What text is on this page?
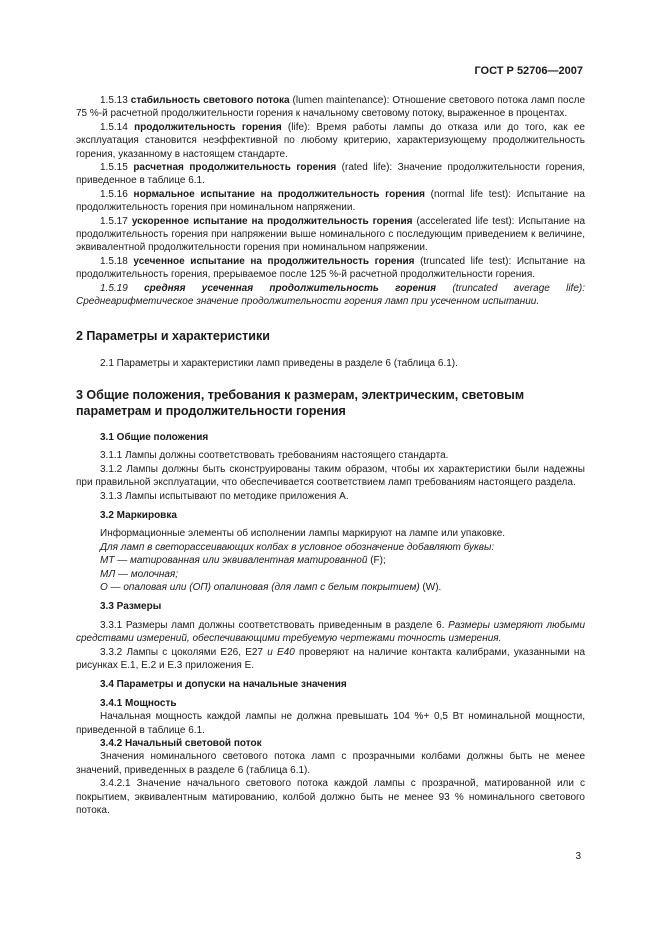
ГОСТ Р 52706—2007

1.5.13 стабильность светового потока (lumen maintenance): Отношение светового потока ламп после 75 %-й расчетной продолжительности горения к начальному световому потоку, выраженное в процентах.

1.5.14 продолжительность горения (life): Время работы лампы до отказа или до того, как ее эксплуатация становится неэффективной по любому критерию, характеризующему продолжительность горения, указанному в настоящем стандарте.

1.5.15 расчетная продолжительность горения (rated life): Значение продолжительности горения, приведенное в таблице 6.1.

1.5.16 нормальное испытание на продолжительность горения (normal life test): Испытание на продолжительность горения при номинальном напряжении.

1.5.17 ускоренное испытание на продолжительность горения (accelerated life test): Испытание на продолжительность горения при напряжении выше номинального с последующим приведением к величине, эквивалентной продолжительности горения при номинальном напряжении.

1.5.18 усеченное испытание на продолжительность горения (truncated life test): Испытание на продолжительность горения, прерываемое после 125 %-й расчетной продолжительности горения.

1.5.19 средняя усеченная продолжительность горения (truncated average life): Среднеарифметическое значение продолжительности горения ламп при усеченном испытании.

2 Параметры и характеристики

2.1 Параметры и характеристики ламп приведены в разделе 6 (таблица 6.1).

3 Общие положения, требования к размерам, электрическим, световым параметрам и продолжительности горения

3.1 Общие положения

3.1.1 Лампы должны соответствовать требованиям настоящего стандарта.

3.1.2 Лампы должны быть сконструированы таким образом, чтобы их характеристики были надежны при правильной эксплуатации, что обеспечивается соответствием ламп требованиям настоящего раздела.

3.1.3 Лампы испытывают по методике приложения А.

3.2 Маркировка

Информационные элементы об исполнении лампы маркируют на лампе или упаковке.

Для ламп в светорассеивающих колбах в условное обозначение добавляют буквы:

МТ — матированная или эквивалентная матированной (F);

МЛ — молочная;

О — опаловая или (ОП) опалиновая (для ламп с белым покрытием) (W).

3.3 Размеры

3.3.1 Размеры ламп должны соответствовать приведенным в разделе 6. Размеры измеряют любыми средствами измерений, обеспечивающими требуемую чертежами точность измерения.

3.3.2 Лампы с цоколями Е26, Е27 и Е40 проверяют на наличие контакта калибрами, указанными на рисунках Е.1, Е.2 и Е.3 приложения Е.

3.4 Параметры и допуски на начальные значения

3.4.1 Мощность

Начальная мощность каждой лампы не должна превышать 104 %+ 0,5 Вт номинальной мощности, приведенной в таблице 6.1.

3.4.2 Начальный световой поток

Значения номинального светового потока ламп с прозрачными колбами должны быть не менее значений, приведенных в разделе 6 (таблица 6.1).

3.4.2.1 Значение начального светового потока каждой лампы с прозрачной, матированной или с покрытием, эквивалентным матированию, колбой должно быть не менее 93 % номинального светового потока.

3
